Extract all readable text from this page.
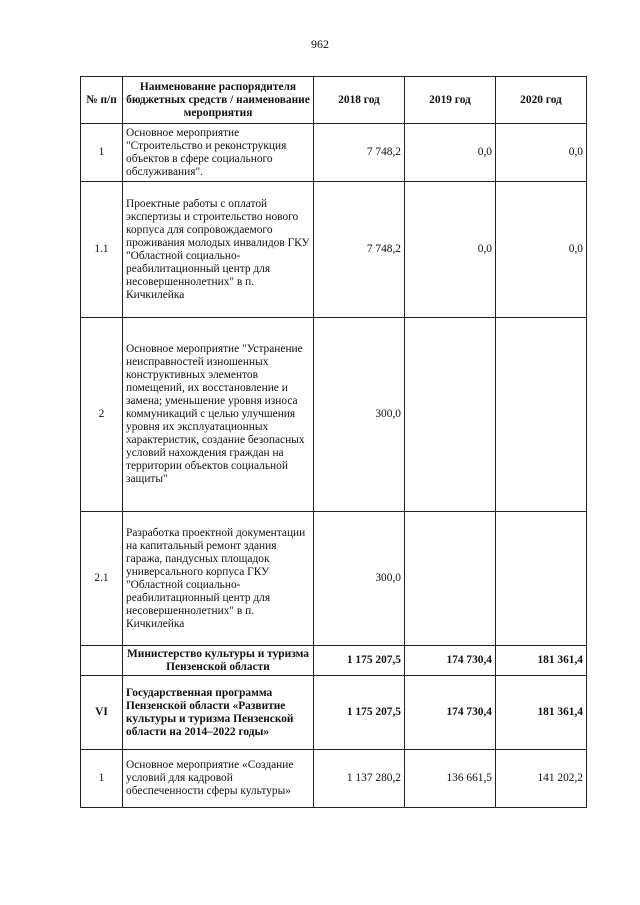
962
№ п/п	Наименование распорядителя бюджетных средств / наименование мероприятия	2018 год	2019 год	2020 год
1	Основное мероприятие "Строительство и реконструкция объектов в сфере социального обслуживания".	7 748,2	0,0	0,0
1.1	Проектные работы с оплатой экспертизы и строительство нового корпуса для сопровождаемого проживания молодых инвалидов ГКУ "Областной социально-реабилитационный центр для несовершеннолетних" в п. Кичкилейка	7 748,2	0,0	0,0
2	Основное мероприятие "Устранение неисправностей изношенных конструктивных элементов помещений, их восстановление и замена; уменьшение уровня износа коммуникаций с целью улучшения уровня их эксплуатационных характеристик, создание безопасных условий нахождения граждан на территории объектов социальной защиты"	300,0		
2.1	Разработка проектной документации на капитальный ремонт здания гаража, пандусных площадок универсального корпуса ГКУ "Областной социально-реабилитационный центр для несовершеннолетних" в п. Кичкилейка	300,0		
	Министерство культуры и туризма Пензенской области	1 175 207,5	174 730,4	181 361,4
VI	Государственная программа Пензенской области «Развитие культуры и туризма Пензенской области на 2014–2022 годы»	1 175 207,5	174 730,4	181 361,4
1	Основное мероприятие «Создание условий для кадровой обеспеченности сферы культуры»	1 137 280,2	136 661,5	141 202,2
